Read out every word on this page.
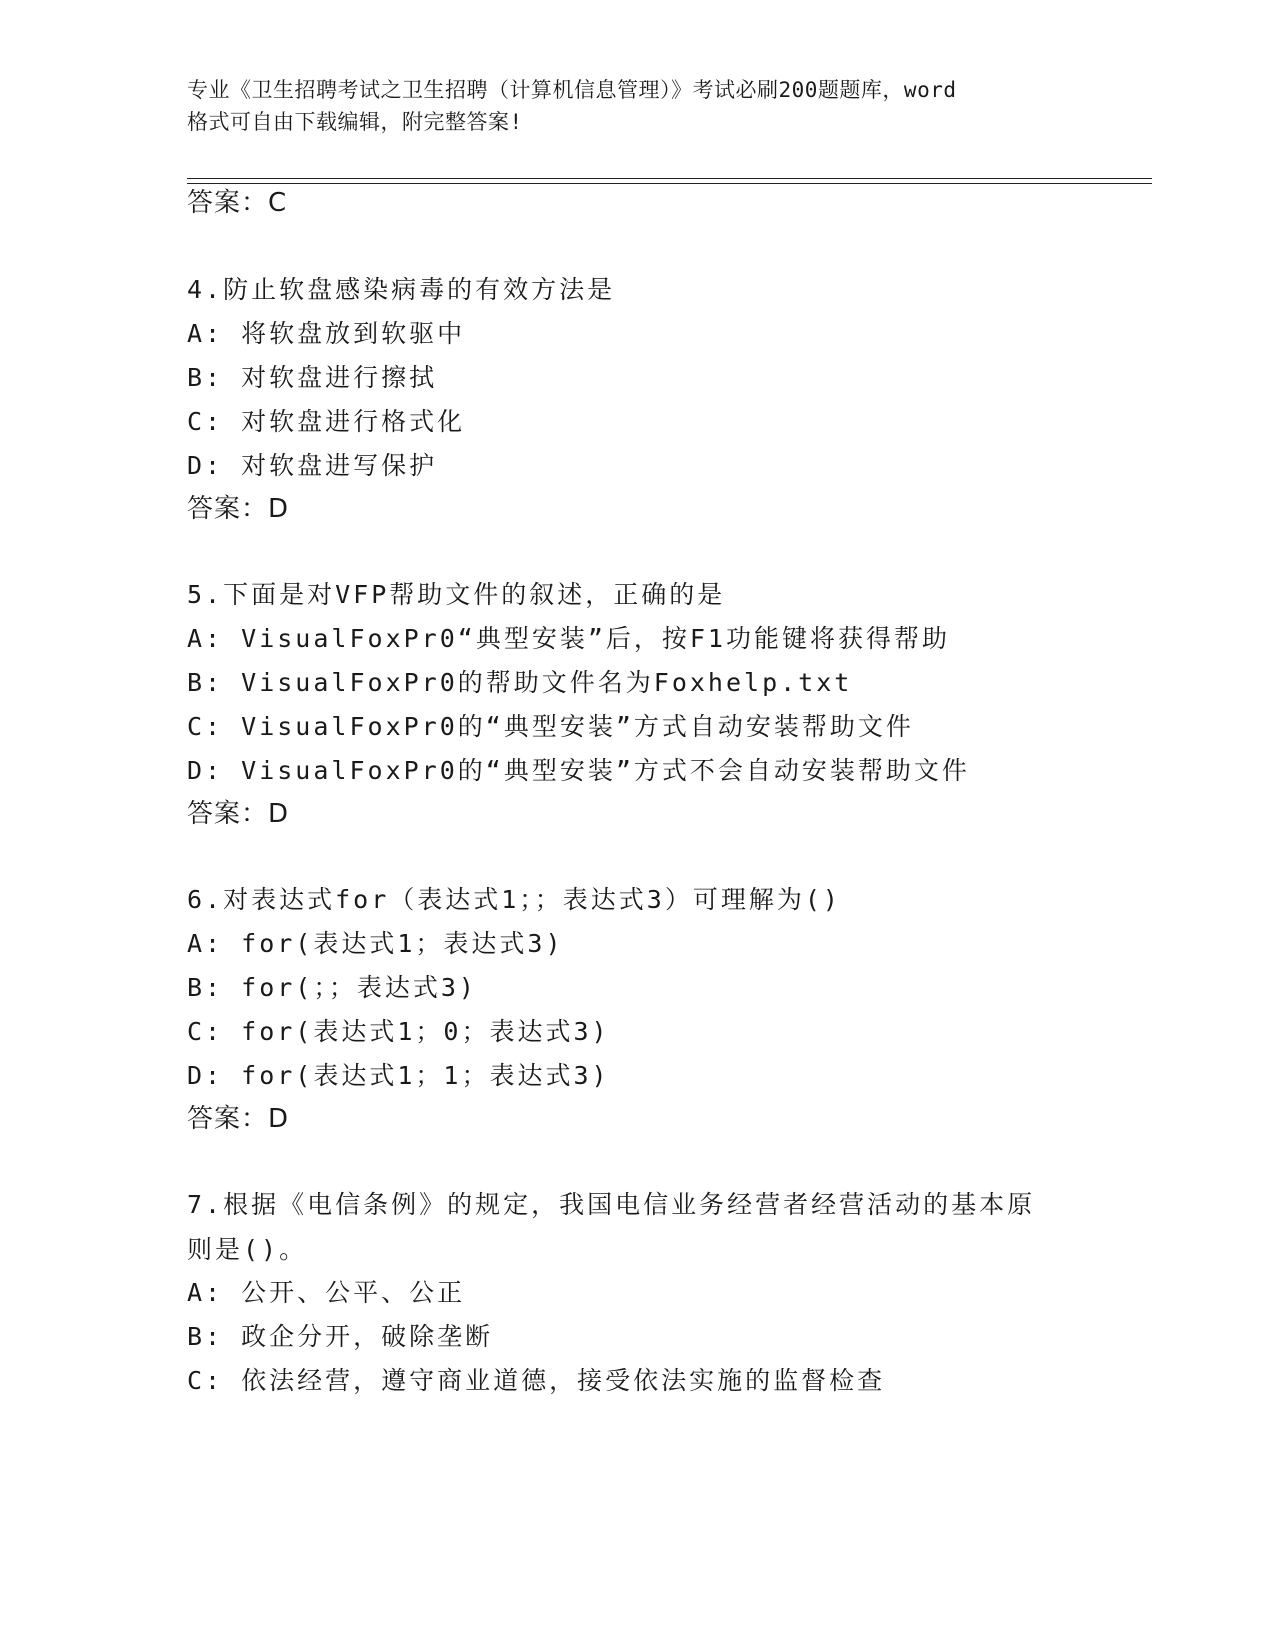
专业《卫生招聘考试之卫生招聘（计算机信息管理）》考试必刷200题题库，word
格式可自由下载编辑，附完整答案!
答案：C
4.防止软盘感染病毒的有效方法是
A: 将软盘放到软驱中
B: 对软盘进行擦拭
C: 对软盘进行格式化
D: 对软盘进写保护
答案：D
5.下面是对VFP帮助文件的叙述，正确的是
A: VisualFoxPr0“典型安装”后，按F1功能键将获得帮助
B: VisualFoxPr0的帮助文件名为Foxhelp.txt
C: VisualFoxPr0的“典型安装”方式自动安装帮助文件
D: VisualFoxPr0的“典型安装”方式不会自动安装帮助文件
答案：D
6.对表达式for（表达式1；；表达式3）可理解为()
A: for(表达式1；表达式3)
B: for(；；表达式3)
C: for(表达式1；0；表达式3)
D: for(表达式1；1；表达式3)
答案：D
7.根据《电信条例》的规定，我国电信业务经营者经营活动的基本原
则是()。
A: 公开、公平、公正
B: 政企分开，破除垄断
C: 依法经营，遵守商业道德，接受依法实施的监督检查
